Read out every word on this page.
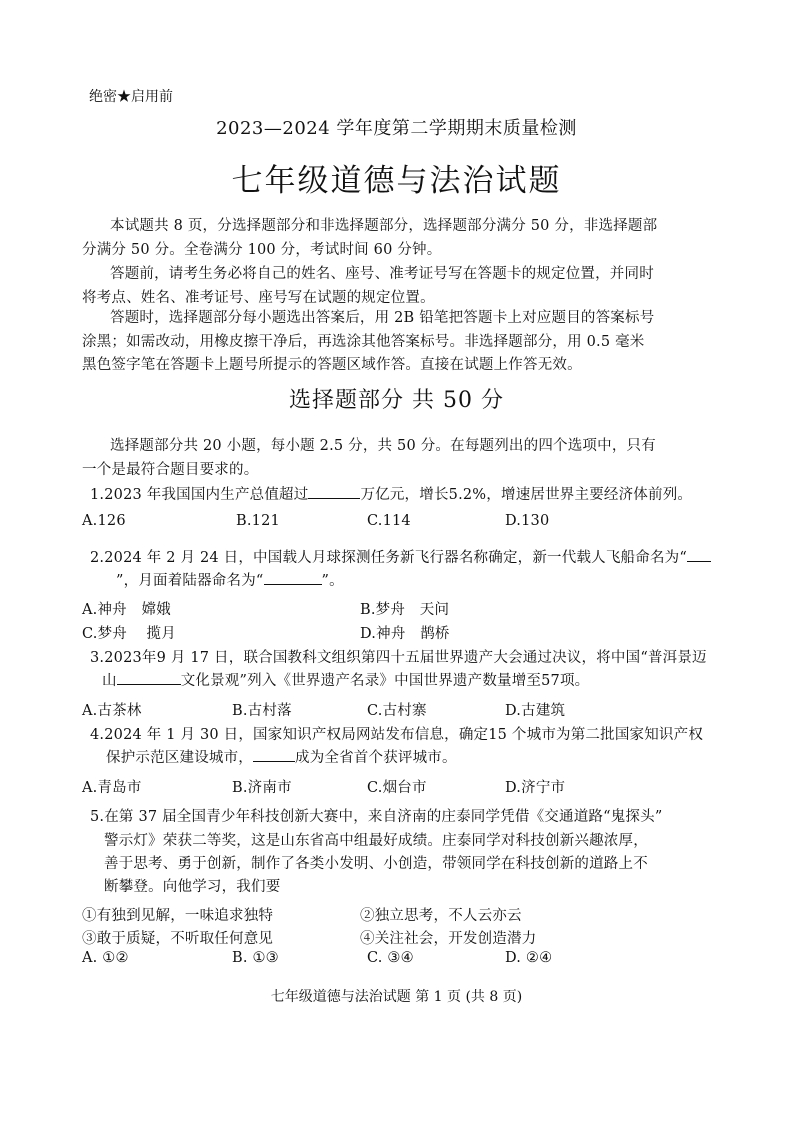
绝密★启用前
2023—2024 学年度第二学期期末质量检测
七年级道德与法治试题
本试题共 8 页，分选择题部分和非选择题部分，选择题部分满分 50 分，非选择题部
分满分 50 分。全卷满分 100 分，考试时间 60 分钟。
答题前，请考生务必将自己的姓名、座号、准考证号写在答题卡的规定位置，并同时
将考点、姓名、准考证号、座号写在试题的规定位置。
答题时，选择题部分每小题选出答案后，用 2B 铅笔把答题卡上对应题目的答案标号
涂黑；如需改动，用橡皮擦干净后，再选涂其他答案标号。非选择题部分，用 0.5 毫米
黑色签字笔在答题卡上题号所提示的答题区域作答。直接在试题上作答无效。
选择题部分 共 50 分
选择题部分共 20 小题，每小题 2.5 分，共 50 分。在每题列出的四个选项中，只有
一个是最符合题目要求的。
1.2023 年我国国内生产总值超过	万亿元，增长5.2%，增速居世界主要经济体前列。
A.126	B.121	C.114	D.130
2.2024 年 2 月 24 日，中国载人月球探测任务新飞行器名称确定，新一代载人飞船命名为“
”，月面着陆器命名为“	”。
A.神舟　嫦娥	B.梦舟　天问
C.梦舟　 揽月	D.神舟　鹊桥
3.2023年9 月 17 日，联合国教科文组织第四十五届世界遗产大会通过决议，将中国“普洱景迈
山	文化景观”列入《世界遗产名录》中国世界遗产数量增至57项。
A.古茶林	B.古村落	C.古村寨	D.古建筑
4.2024 年 1 月 30 日，国家知识产权局网站发布信息，确定15 个城市为第二批国家知识产权
保护示范区建设城市，	成为全省首个获评城市。
A.青岛市	B.济南市	C.烟台市	D.济宁市
5.在第 37 届全国青少年科技创新大赛中，来自济南的庄泰同学凭借《交通道路“鬼探头”
警示灯》荣获二等奖，这是山东省高中组最好成绩。庄泰同学对科技创新兴趣浓厚，
善于思考、勇于创新，制作了各类小发明、小创造，带领同学在科技创新的道路上不
断攀登。向他学习，我们要
①有独到见解，一味追求独特	②独立思考，不人云亦云
③敢于质疑，不听取任何意见	④关注社会，开发创造潜力
A. ①②	B. ①③	C. ③④	D. ②④
七年级道德与法治试题 第 1 页 (共 8 页)
